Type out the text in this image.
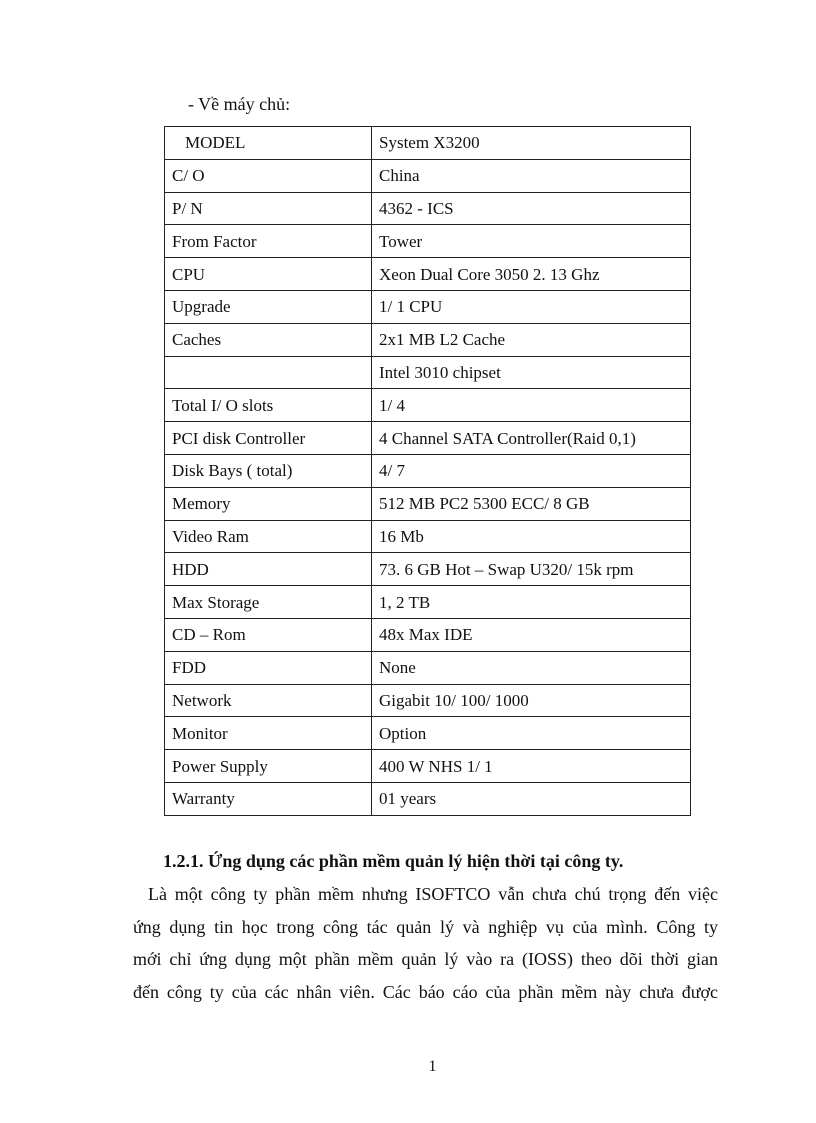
- Về máy chủ:
MODEL	System X3200
C/ O	China
P/ N	4362 - ICS
From Factor	Tower
CPU	Xeon Dual Core 3050 2. 13 Ghz
Upgrade	1/ 1 CPU
Caches	2x1 MB L2 Cache
	Intel 3010 chipset
Total I/ O slots	1/ 4
PCI disk Controller	4 Channel SATA Controller(Raid 0,1)
Disk Bays ( total)	4/ 7
Memory	512 MB PC2 5300 ECC/ 8 GB
Video Ram	16 Mb
HDD	73. 6 GB Hot – Swap U320/ 15k rpm
Max Storage	1, 2 TB
CD – Rom	48x Max IDE
FDD	None
Network	Gigabit 10/ 100/ 1000
Monitor	Option
Power Supply	400 W NHS 1/ 1
Warranty	01 years
1.2.1. Ứng dụng các phần mềm quản lý hiện thời tại công ty.
Là một công ty phần mềm nhưng ISOFTCO vẫn chưa chú trọng đến việc
ứng dụng tin học trong công tác quản lý và nghiệp vụ của mình. Công ty
mới chỉ ứng dụng một phần mềm quản lý vào ra (IOSS) theo dõi thời gian
đến công ty của các nhân viên. Các báo cáo của phần mềm này chưa được
1
